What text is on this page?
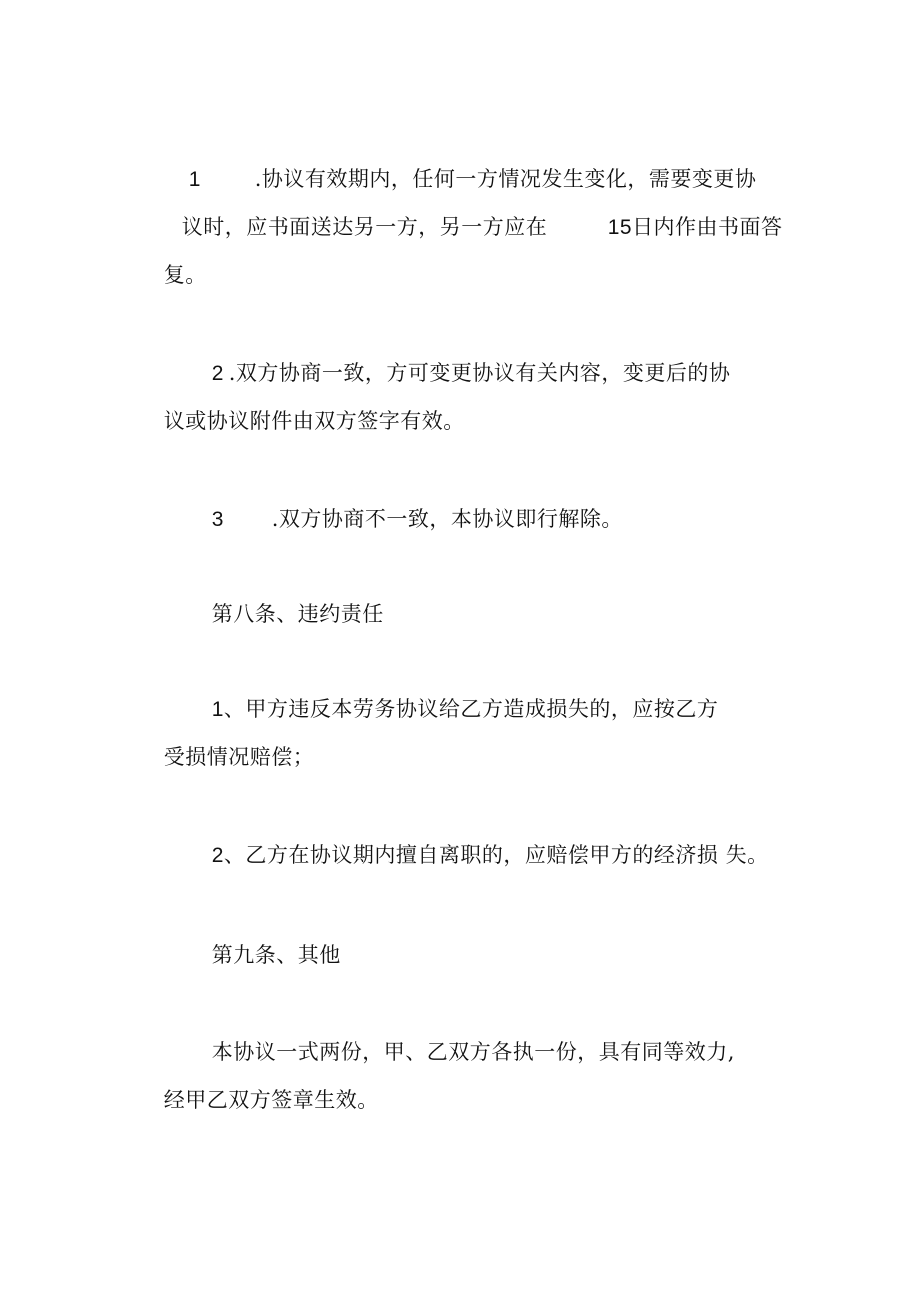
1
	.协议有效期内，任何一方情况发生变化，需要变更协

议时，应书面送达另一方，另一方应在
	15日内作由书面答

复。

2
.双方协商一致，方可变更协议有关内容，变更后的协

议或协议附件由双方签字有效。

3
	.双方协商不一致，本协议即行解除。

第八条、违约责任

1、甲方违反本劳务协议给乙方造成损失的，应按乙方

受损情况赔偿；

2、乙方在协议期内擅自离职的，应赔偿甲方的经济损 失。

第九条、其他

本协议一式两份，甲、乙双方各执一份，具有同等效力,

经甲乙双方签章生效。
